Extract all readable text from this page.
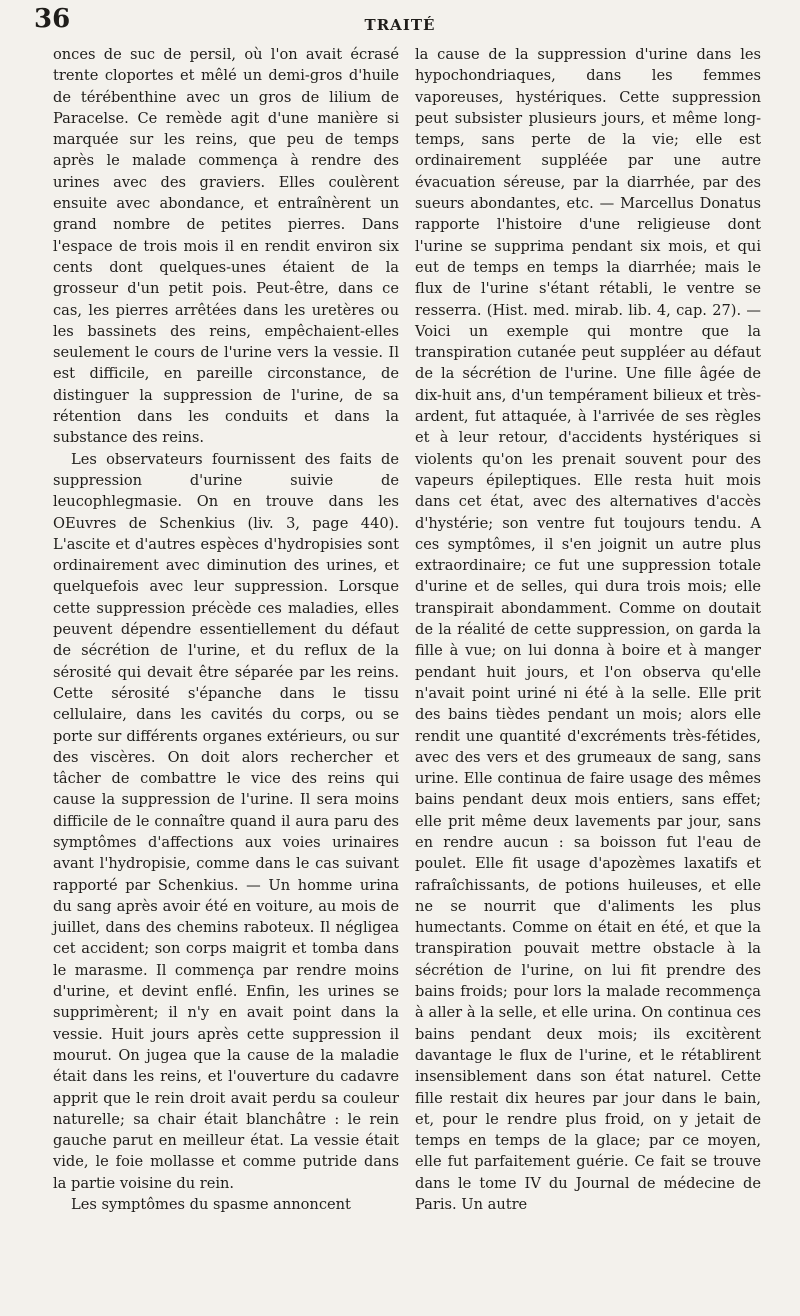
36	TRAITÉ

onces de suc de persil, où l'on avait écrasé trente cloportes et mêlé un demi-gros d'huile de térébenthine avec un gros de lilium de Paracelse. Ce remède agit d'une manière si marquée sur les reins, que peu de temps après le malade commença à rendre des urines avec des graviers. Elles coulèrent ensuite avec abondance, et entraînèrent un grand nombre de petites pierres. Dans l'espace de trois mois il en rendit environ six cents dont quelques-unes étaient de la grosseur d'un petit pois. Peut-être, dans ce cas, les pierres arrêtées dans les uretères ou les bassinets des reins, empêchaient-elles seulement le cours de l'urine vers la vessie. Il est difficile, en pareille circonstance, de distinguer la suppression de l'urine, de sa rétention dans les conduits et dans la substance des reins.

Les observateurs fournissent des faits de suppression d'urine suivie de leucophlegmasie. On en trouve dans les OEuvres de Schenkius (liv. 3, page 440). L'ascite et d'autres espèces d'hydropisies sont ordinairement avec diminution des urines, et quelquefois avec leur suppression. Lorsque cette suppression précède ces maladies, elles peuvent dépendre essentiellement du défaut de sécrétion de l'urine, et du reflux de la sérosité qui devait être séparée par les reins. Cette sérosité s'épanche dans le tissu cellulaire, dans les cavités du corps, ou se porte sur différents organes extérieurs, ou sur des viscères. On doit alors rechercher et tâcher de combattre le vice des reins qui cause la suppression de l'urine. Il sera moins difficile de le connaître quand il aura paru des symptômes d'affections aux voies urinaires avant l'hydropisie, comme dans le cas suivant rapporté par Schenkius. — Un homme urina du sang après avoir été en voiture, au mois de juillet, dans des chemins raboteux. Il négligea cet accident; son corps maigrit et tomba dans le marasme. Il commença par rendre moins d'urine, et devint enflé. Enfin, les urines se supprimèrent; il n'y en avait point dans la vessie. Huit jours après cette suppression il mourut. On jugea que la cause de la maladie était dans les reins, et l'ouverture du cadavre apprit que le rein droit avait perdu sa couleur naturelle; sa chair était blanchâtre : le rein gauche parut en meilleur état. La vessie était vide, le foie mollasse et comme putride dans la partie voisine du rein.

Les symptômes du spasme annoncent

la cause de la suppression d'urine dans les hypochondriaques, dans les femmes vaporeuses, hystériques. Cette suppression peut subsister plusieurs jours, et même long-temps, sans perte de la vie; elle est ordinairement suppléée par une autre évacuation séreuse, par la diarrhée, par des sueurs abondantes, etc. — Marcellus Donatus rapporte l'histoire d'une religieuse dont l'urine se supprima pendant six mois, et qui eut de temps en temps la diarrhée; mais le flux de l'urine s'étant rétabli, le ventre se resserra. (Hist. med. mirab. lib. 4, cap. 27). — Voici un exemple qui montre que la transpiration cutanée peut suppléer au défaut de la sécrétion de l'urine. Une fille âgée de dix-huit ans, d'un tempérament bilieux et très-ardent, fut attaquée, à l'arrivée de ses règles et à leur retour, d'accidents hystériques si violents qu'on les prenait souvent pour des vapeurs épileptiques. Elle resta huit mois dans cet état, avec des alternatives d'accès d'hystérie; son ventre fut toujours tendu. A ces symptômes, il s'en joignit un autre plus extraordinaire; ce fut une suppression totale d'urine et de selles, qui dura trois mois; elle transpirait abondamment. Comme on doutait de la réalité de cette suppression, on garda la fille à vue; on lui donna à boire et à manger pendant huit jours, et l'on observa qu'elle n'avait point uriné ni été à la selle. Elle prit des bains tièdes pendant un mois; alors elle rendit une quantité d'excréments très-fétides, avec des vers et des grumeaux de sang, sans urine. Elle continua de faire usage des mêmes bains pendant deux mois entiers, sans effet; elle prit même deux lavements par jour, sans en rendre aucun : sa boisson fut l'eau de poulet. Elle fit usage d'apozèmes laxatifs et rafraîchissants, de potions huileuses, et elle ne se nourrit que d'aliments les plus humectants. Comme on était en été, et que la transpiration pouvait mettre obstacle à la sécrétion de l'urine, on lui fit prendre des bains froids; pour lors la malade recommença à aller à la selle, et elle urina. On continua ces bains pendant deux mois; ils excitèrent davantage le flux de l'urine, et le rétablirent insensiblement dans son état naturel. Cette fille restait dix heures par jour dans le bain, et, pour le rendre plus froid, on y jetait de temps en temps de la glace; par ce moyen, elle fut parfaitement guérie. Ce fait se trouve dans le tome IV du Journal de médecine de Paris. Un autre
